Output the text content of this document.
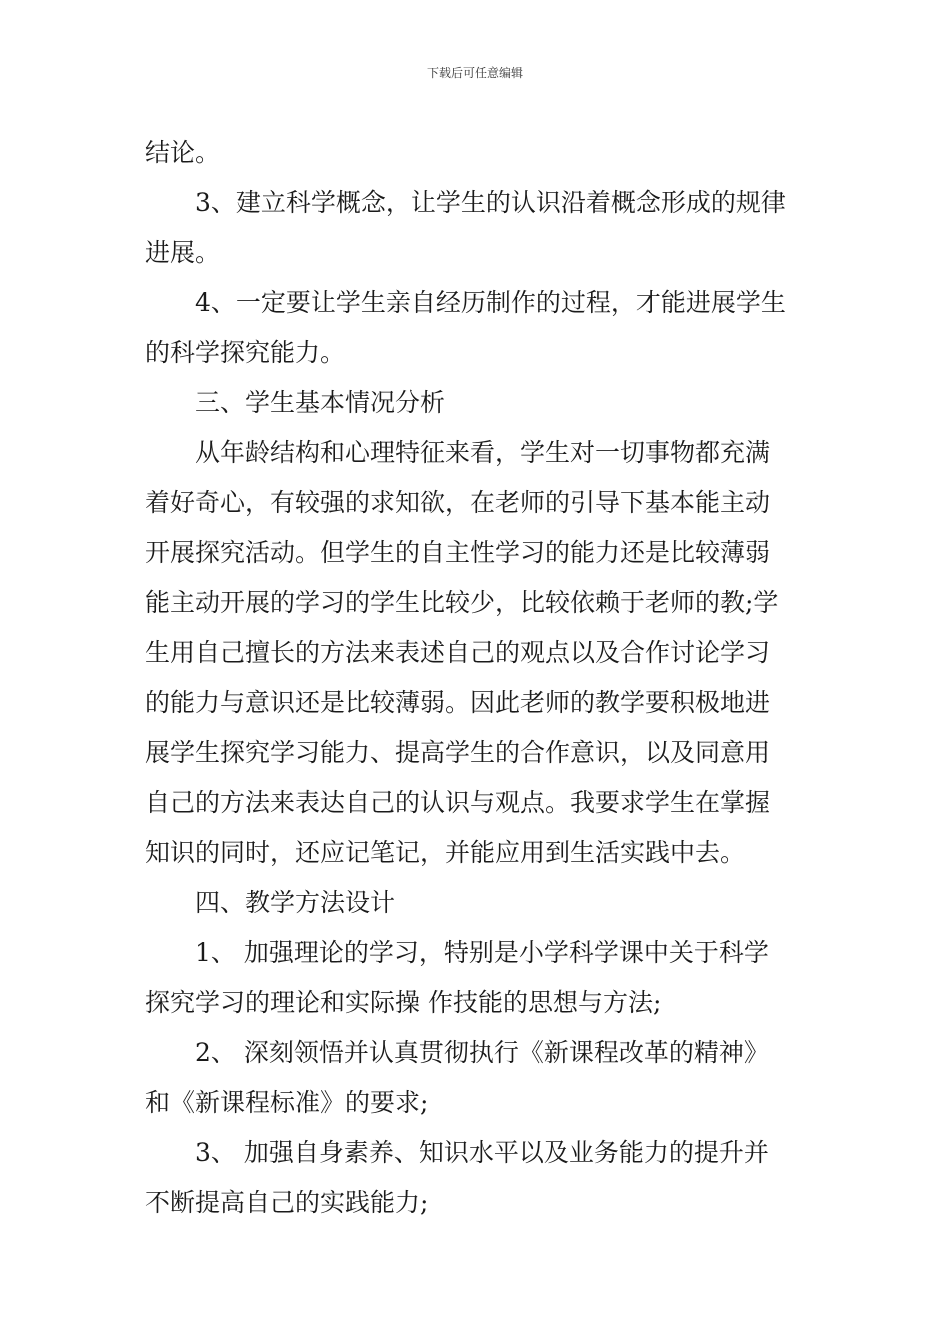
下载后可任意编辑
结论。
3、建立科学概念，让学生的认识沿着概念形成的规律
进展。
4、一定要让学生亲自经历制作的过程，才能进展学生
的科学探究能力。
三、学生基本情况分析
从年龄结构和心理特征来看，学生对一切事物都充满
着好奇心，有较强的求知欲，在老师的引导下基本能主动
开展探究活动。但学生的自主性学习的能力还是比较薄弱
能主动开展的学习的学生比较少，比较依赖于老师的教;学
生用自己擅长的方法来表述自己的观点以及合作讨论学习
的能力与意识还是比较薄弱。因此老师的教学要积极地进
展学生探究学习能力、提高学生的合作意识，以及同意用
自己的方法来表达自己的认识与观点。我要求学生在掌握
知识的同时，还应记笔记，并能应用到生活实践中去。
四、教学方法设计
1、 加强理论的学习，特别是小学科学课中关于科学
探究学习的理论和实际操 作技能的思想与方法;
2、 深刻领悟并认真贯彻执行《新课程改革的精神》
和《新课程标准》的要求;
3、 加强自身素养、知识水平以及业务能力的提升并
不断提高自己的实践能力;
